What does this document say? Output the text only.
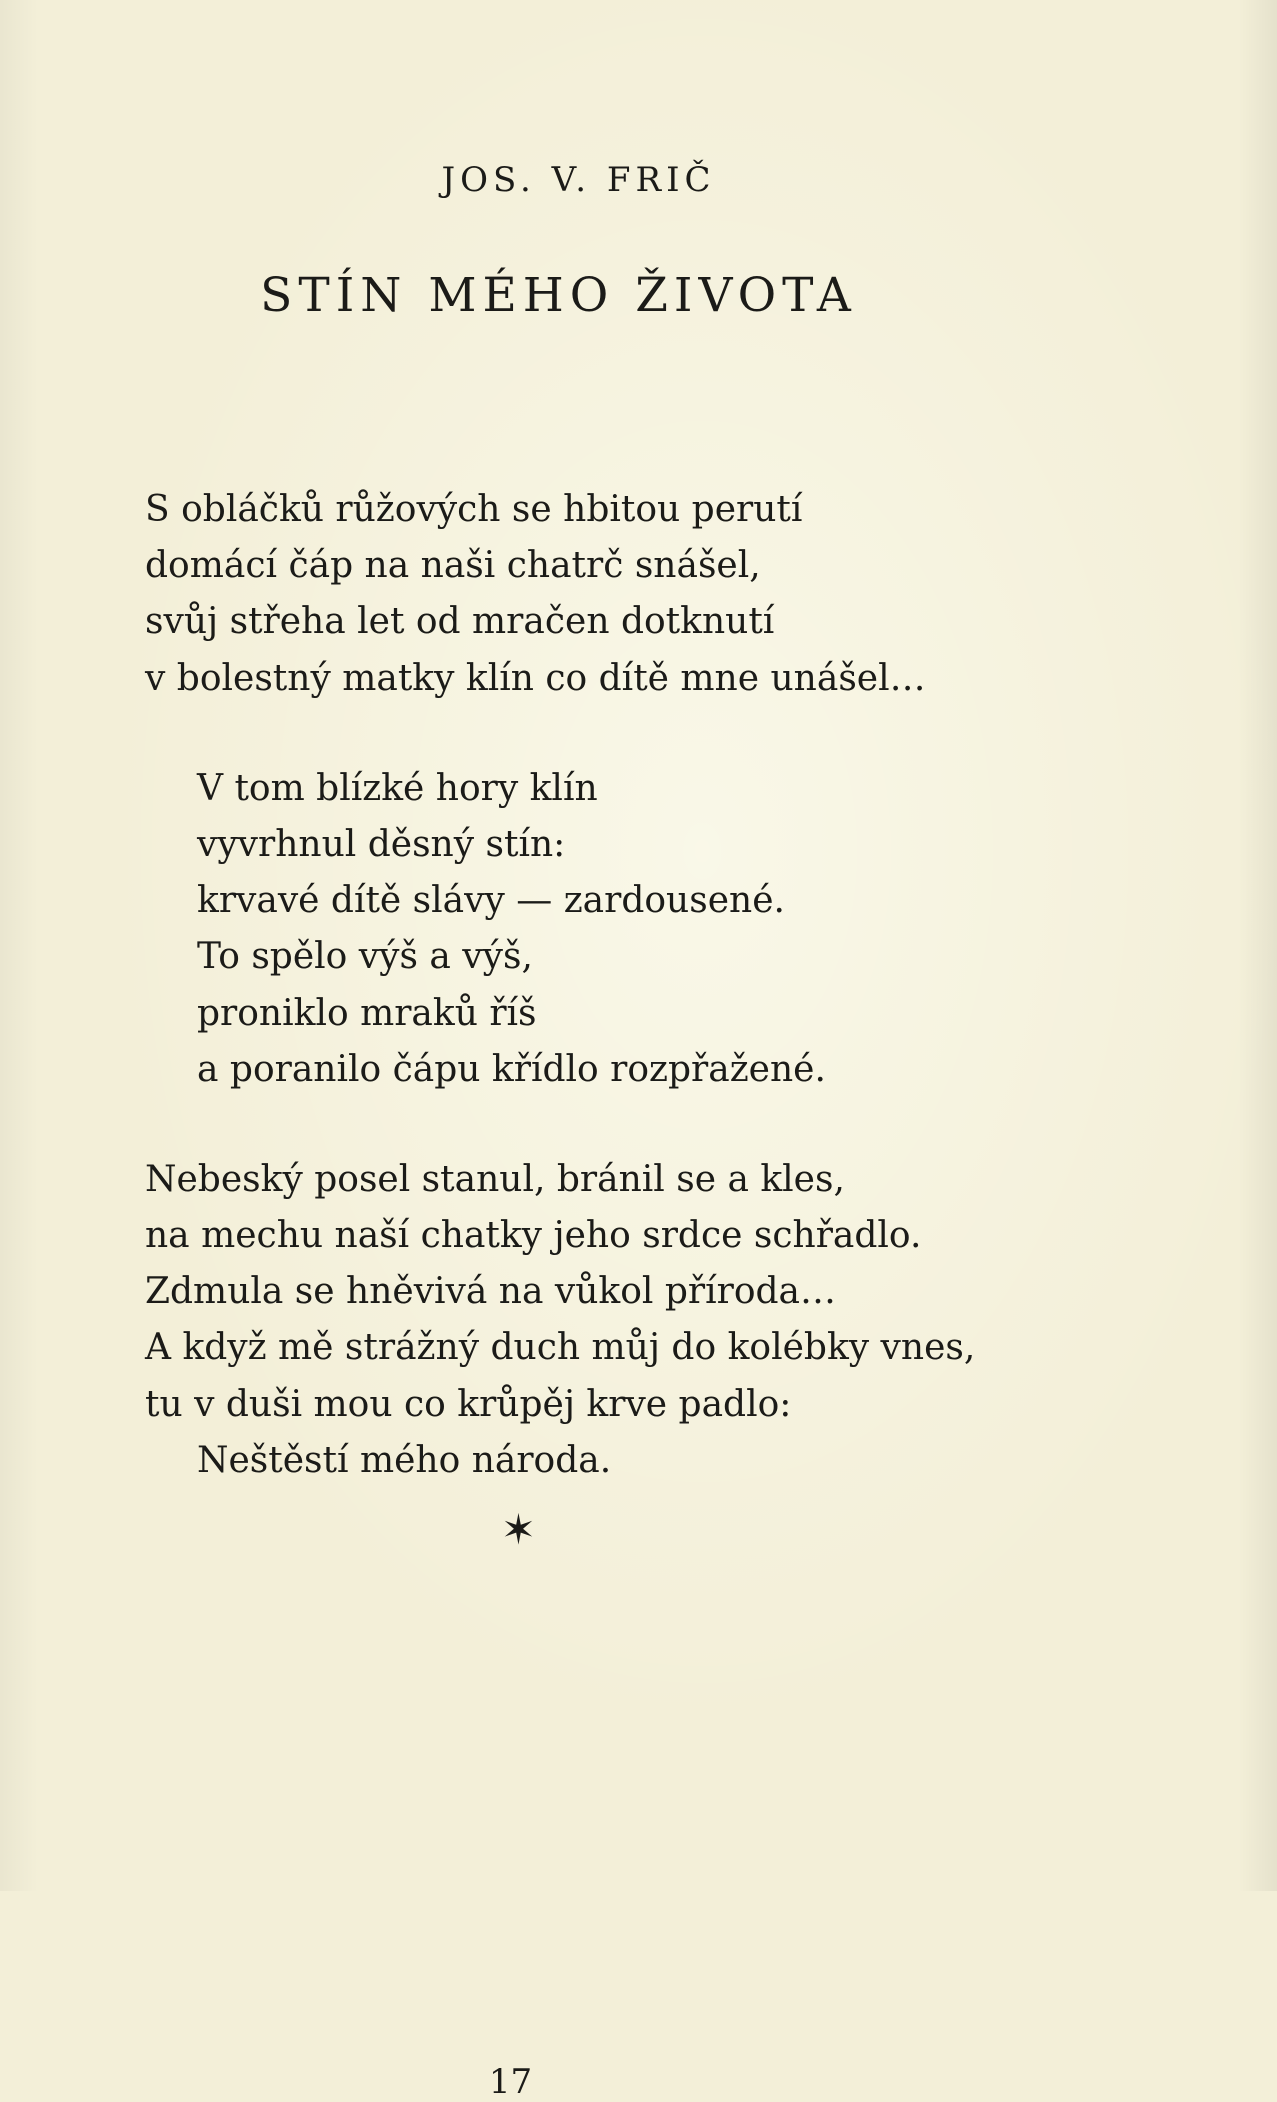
JOS. V. FRIČ
STÍN MÉHO ŽIVOTA
S obláčků růžových se hbitou perutí
domácí čáp na naši chatrč snášel,
svůj střeha let od mračen dotknutí
v bolestný matky klín co dítě mne unášel…
V tom blízké hory klín
vyvrhnul děsný stín:
krvavé dítě slávy — zardousené.
To spělo výš a výš,
proniklo mraků říš
a poranilo čápu křídlo rozpřažené.
Nebeský posel stanul, bránil se a kles,
na mechu naší chatky jeho srdce schřadlo.
Zdmula se hněvivá na vůkol příroda…
A když mě strážný duch můj do kolébky vnes,
tu v duši mou co krůpěj krve padlo:
Neštěstí mého národa.
✶
17
